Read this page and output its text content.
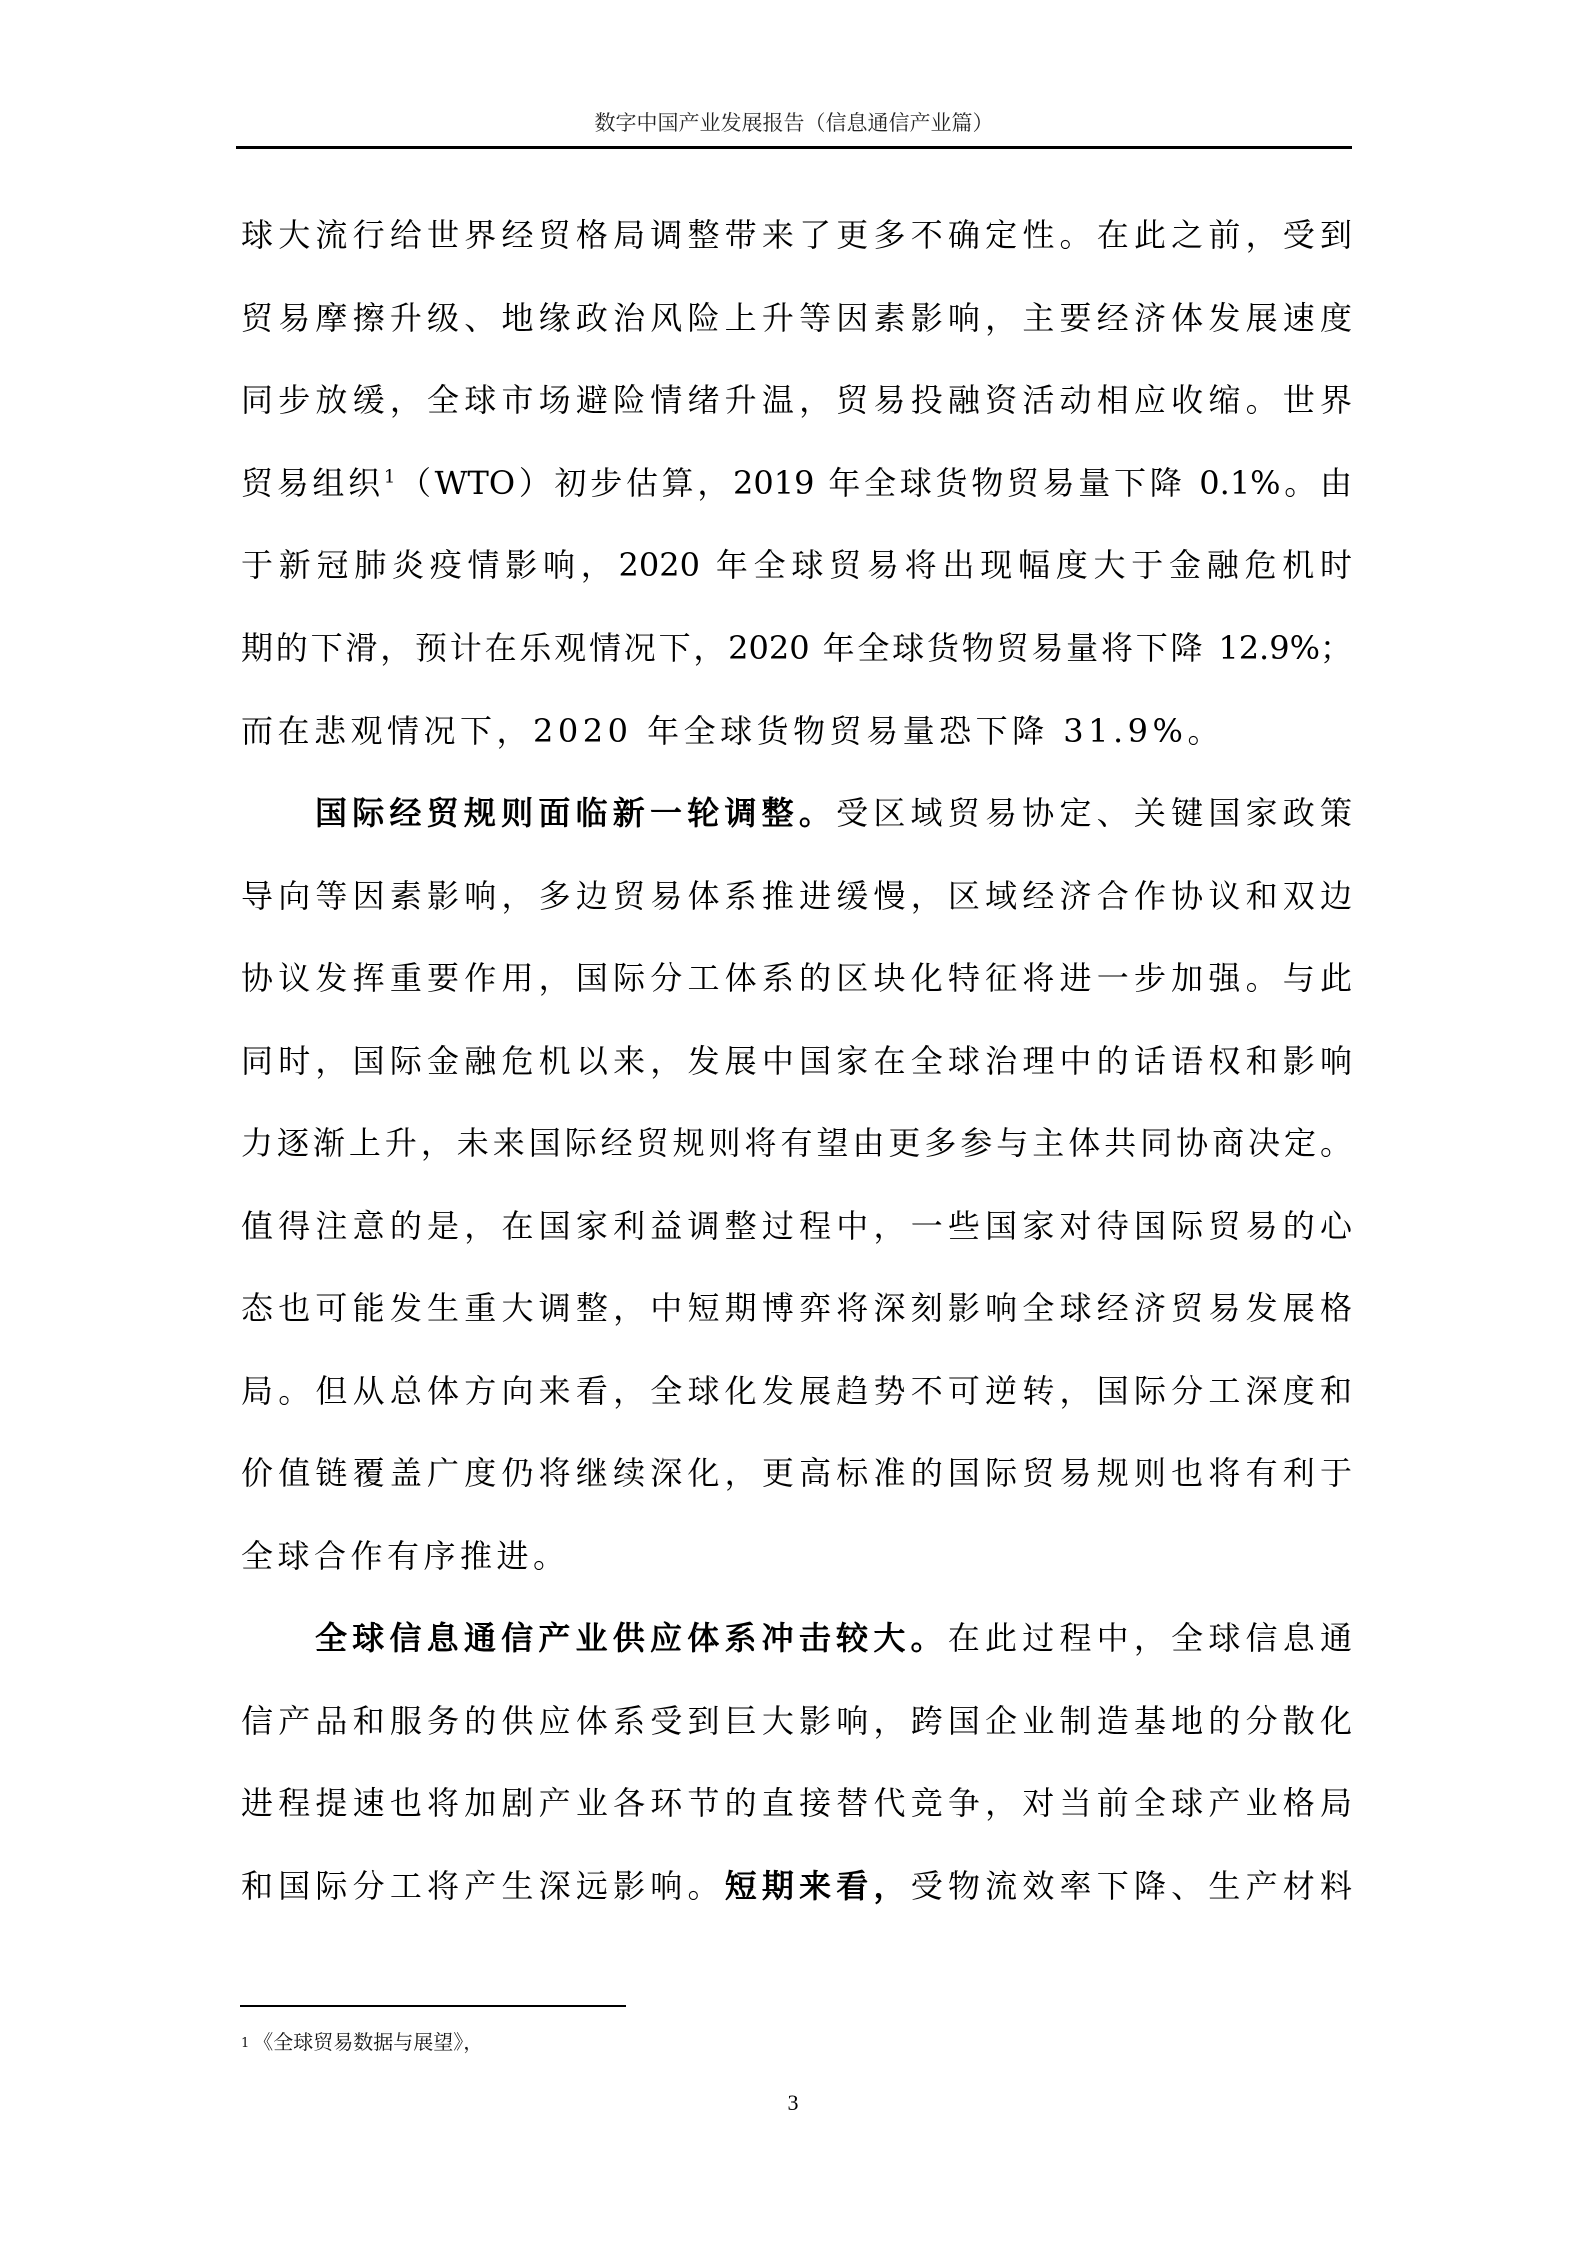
数字中国产业发展报告（信息通信产业篇）
球大流行给世界经贸格局调整带来了更多不确定性。在此之前，受到
贸易摩擦升级、地缘政治风险上升等因素影响，主要经济体发展速度
同步放缓，全球市场避险情绪升温，贸易投融资活动相应收缩。世界
贸易组织$^1$（WTO）初步估算，2019 年全球货物贸易量下降 0.1%。由
于新冠肺炎疫情影响，2020 年全球贸易将出现幅度大于金融危机时
期的下滑，预计在乐观情况下，2020 年全球货物贸易量将下降 12.9%；
而在悲观情况下，2020 年全球货物贸易量恐下降 31.9%。
国际经贸规则面临新一轮调整。受区域贸易协定、关键国家政策
导向等因素影响，多边贸易体系推进缓慢，区域经济合作协议和双边
协议发挥重要作用，国际分工体系的区块化特征将进一步加强。与此
同时，国际金融危机以来，发展中国家在全球治理中的话语权和影响
力逐渐上升，未来国际经贸规则将有望由更多参与主体共同协商决定。
值得注意的是，在国家利益调整过程中，一些国家对待国际贸易的心
态也可能发生重大调整，中短期博弈将深刻影响全球经济贸易发展格
局。但从总体方向来看，全球化发展趋势不可逆转，国际分工深度和
价值链覆盖广度仍将继续深化，更高标准的国际贸易规则也将有利于
全球合作有序推进。
全球信息通信产业供应体系冲击较大。在此过程中，全球信息通
信产品和服务的供应体系受到巨大影响，跨国企业制造基地的分散化
进程提速也将加剧产业各环节的直接替代竞争，对当前全球产业格局
和国际分工将产生深远影响。短期来看，受物流效率下降、生产材料
$^1$ 《全球贸易数据与展望》，
3
